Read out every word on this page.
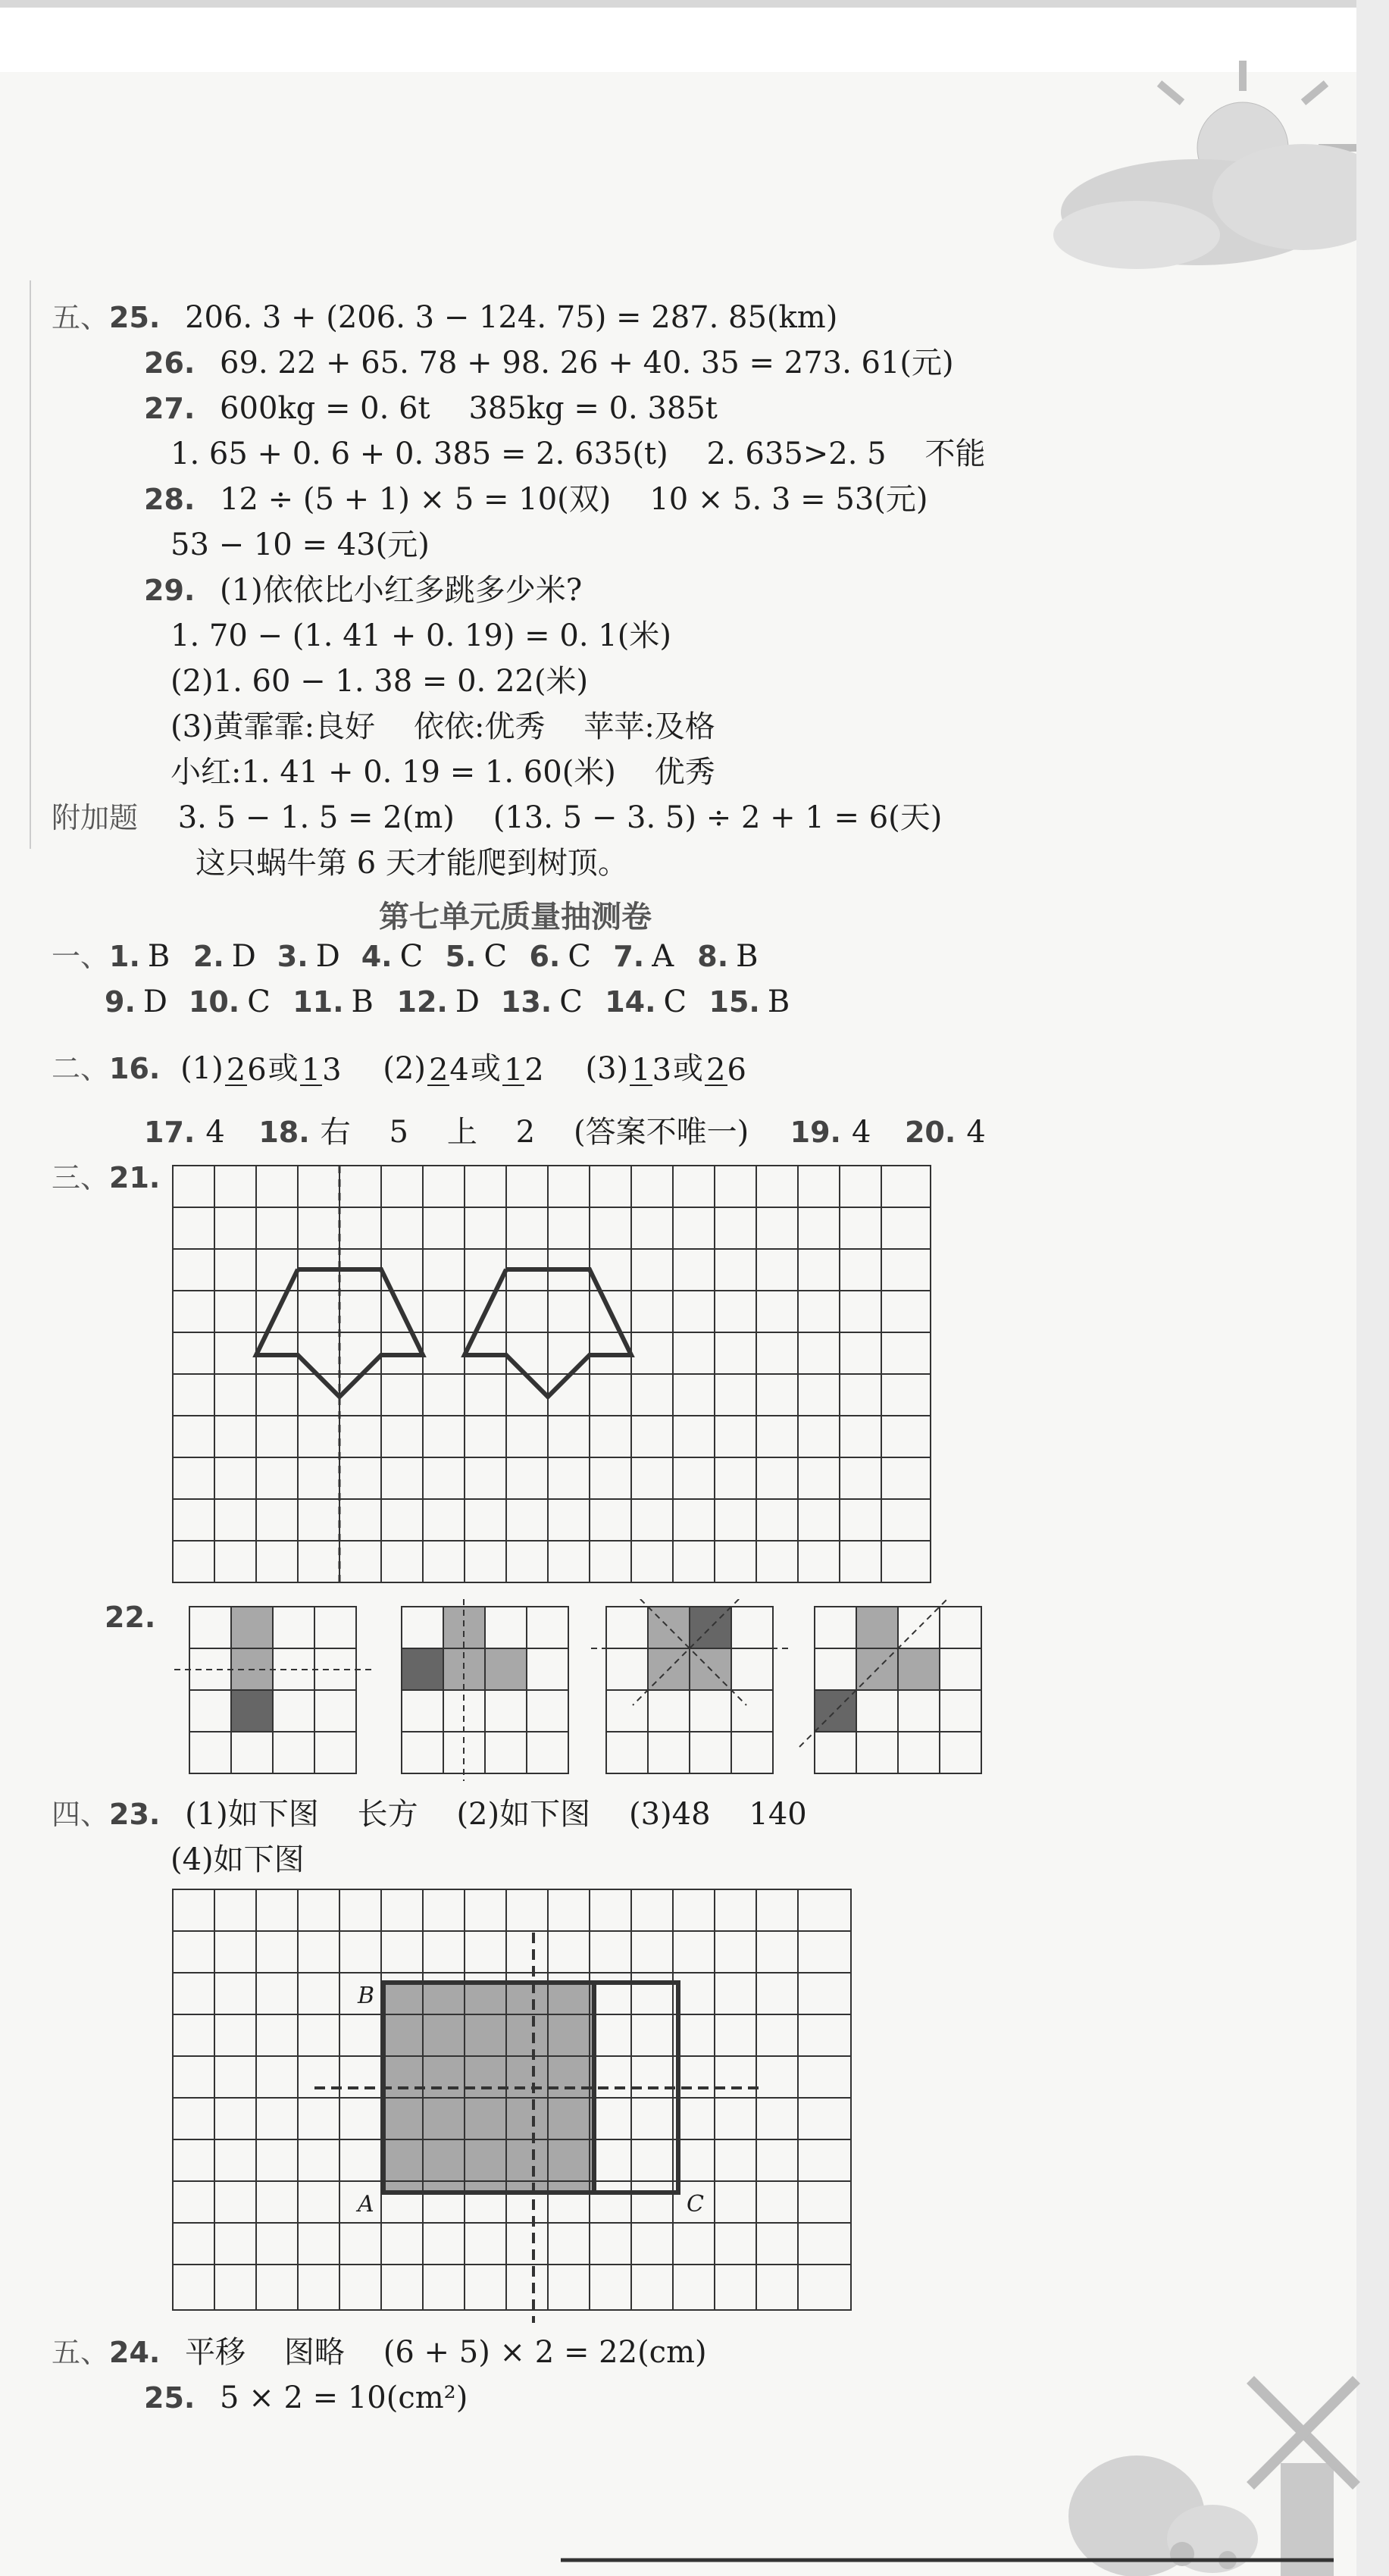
五、25. 206. 3 + (206. 3 − 124. 75) = 287. 85(km)
26. 69. 22 + 65. 78 + 98. 26 + 40. 35 = 273. 61(元)
27. 600kg = 0. 6t    385kg = 0. 385t
1. 65 + 0. 6 + 0. 385 = 2. 635(t)    2. 635>2. 5    不能
28. 12 ÷ (5 + 1) × 5 = 10(双)    10 × 5. 3 = 53(元)
53 − 10 = 43(元)
29. (1)依依比小红多跳多少米?
1. 70 − (1. 41 + 0. 19) = 0. 1(米)
(2)1. 60 − 1. 38 = 0. 22(米)
(3)黄霏霏:良好    依依:优秀    苹苹:及格
小红:1. 41 + 0. 19 = 1. 60(米)    优秀
附加题 3. 5 − 1. 5 = 2(m)    (13. 5 − 3. 5) ÷ 2 + 1 = 6(天)
这只蜗牛第 6 天才能爬到树顶。
第七单元质量抽测卷
一、1. B 2. D 3. D 4. C 5. C 6. C 7. A 8. B
9. D 10. C 11. B 12. D 13. C 14. C 15. B
二、16. (1) 26或 13 (2) 24或 12 (3) 13或 26
17. 4 18. 右    5    上    2    (答案不唯一) 19. 4 20. 4
三、21.
22.
四、23. (1)如下图    长方    (2)如下图    (3)48    140
(4)如下图
B
A	C
五、24. 平移    图略    (6 + 5) × 2 = 22(cm)
25. 5 × 2 = 10(cm²)
